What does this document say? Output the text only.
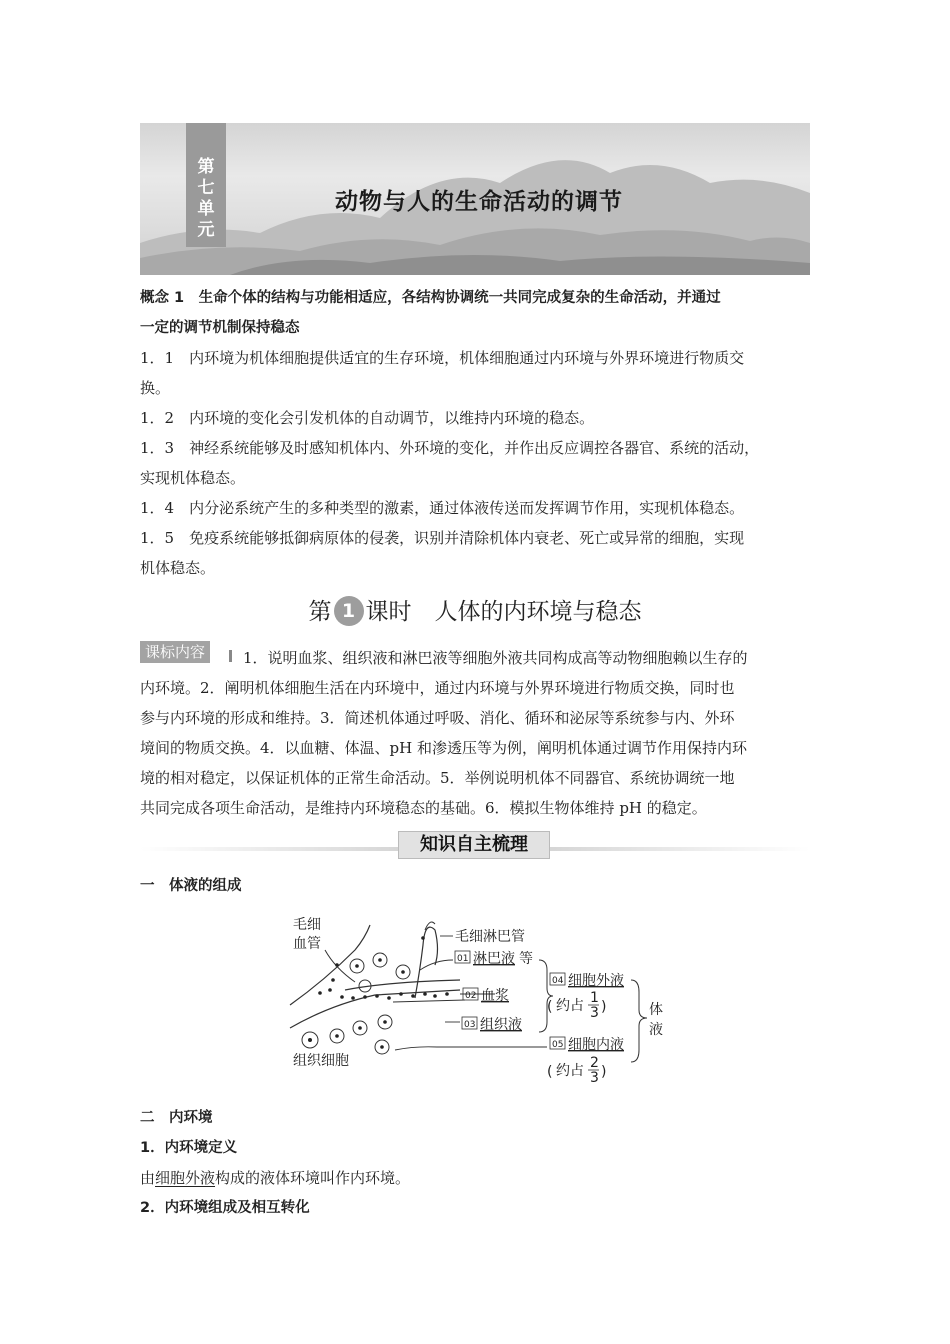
第
七
单
元
动物与人的生命活动的调节
概念 1　生命个体的结构与功能相适应，各结构协调统一共同完成复杂的生命活动，并通过
一定的调节机制保持稳态
1．1　内环境为机体细胞提供适宜的生存环境，机体细胞通过内环境与外界环境进行物质交
换。
1．2　内环境的变化会引发机体的自动调节，以维持内环境的稳态。
1．3　神经系统能够及时感知机体内、外环境的变化，并作出反应调控各器官、系统的活动，
实现机体稳态。
1．4　内分泌系统产生的多种类型的激素，通过体液传送而发挥调节作用，实现机体稳态。
1．5　免疫系统能够抵御病原体的侵袭，识别并清除机体内衰老、死亡或异常的细胞，实现
机体稳态。
第 1 课时　人体的内环境与稳态
课标内容	1．说明血浆、组织液和淋巴液等细胞外液共同构成高等动物细胞赖以生存的
内环境。2．阐明机体细胞生活在内环境中，通过内环境与外界环境进行物质交换，同时也
参与内环境的形成和维持。3．简述机体通过呼吸、消化、循环和泌尿等系统参与内、外环
境间的物质交换。4．以血糖、体温、pH 和渗透压等为例，阐明机体通过调节作用保持内环
境的相对稳定，以保证机体的正常生命活动。5．举例说明机体不同器官、系统协调统一地
共同完成各项生命活动，是维持内环境稳态的基础。6．模拟生物体维持 pH 的稳定。
知识自主梳理
一　体液的组成
毛细
血管	毛细淋巴管
01 淋巴液 等
02 血浆
03 组织液
04 细胞外液
( 约占 1
3 )
05 细胞内液
( 约占 2
3 )
体
液
组织细胞
二　内环境
1．内环境定义
由细胞外液构成的液体环境叫作内环境。
2．内环境组成及相互转化
